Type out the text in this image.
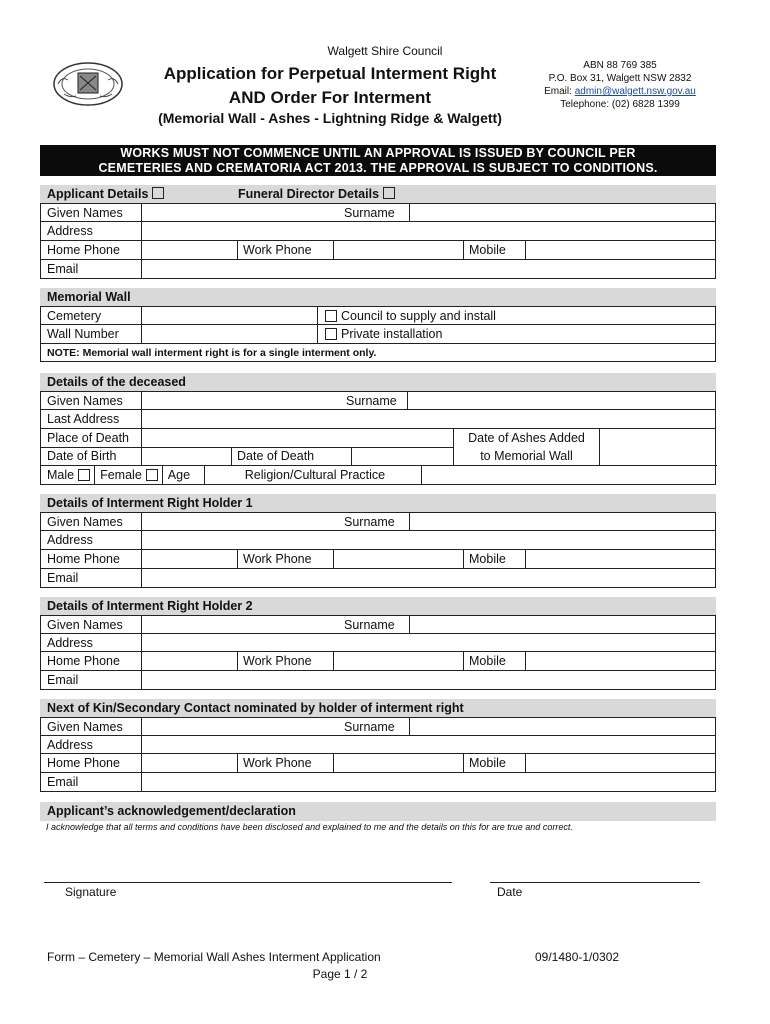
Walgett Shire Council
Application for Perpetual Interment Right
AND Order For Interment
(Memorial Wall - Ashes - Lightning Ridge & Walgett)
ABN 88 769 385
P.O. Box 31, Walgett NSW 2832
Email: admin@walgett.nsw.gov.au
Telephone: (02) 6828 1399
WORKS MUST NOT COMMENCE UNTIL AN APPROVAL IS ISSUED BY COUNCIL PER
CEMETERIES AND CREMATORIA ACT 2013. THE APPROVAL IS SUBJECT TO CONDITIONS.
Applicant Details	Funeral Director Details
Given Names	Surname
Address
Home Phone	Work Phone	Mobile
Email
Memorial Wall
Cemetery	Council to supply and install
Wall Number	Private installation
NOTE: Memorial wall interment right is for a single interment only.
Details of the deceased
Given Names	Surname
Last Address
Place of Death
Date of Birth	Date of Death
Date of Ashes Added
to Memorial Wall
Male Female Age	Religion/Cultural Practice
Details of Interment Right Holder 1
Given Names	Surname
Address
Home Phone	Work Phone	Mobile
Email
Details of Interment Right Holder 2
Given Names	Surname
Address
Home Phone	Work Phone	Mobile
Email
Next of Kin/Secondary Contact nominated by holder of interment right
Given Names	Surname
Address
Home Phone	Work Phone	Mobile
Email
Applicant’s acknowledgement/declaration
I acknowledge that all terms and conditions have been disclosed and explained to me and the details on this for are true and correct.
Signature	Date
Form – Cemetery – Memorial Wall Ashes Interment Application	09/1480-1/0302
Page 1 / 2
